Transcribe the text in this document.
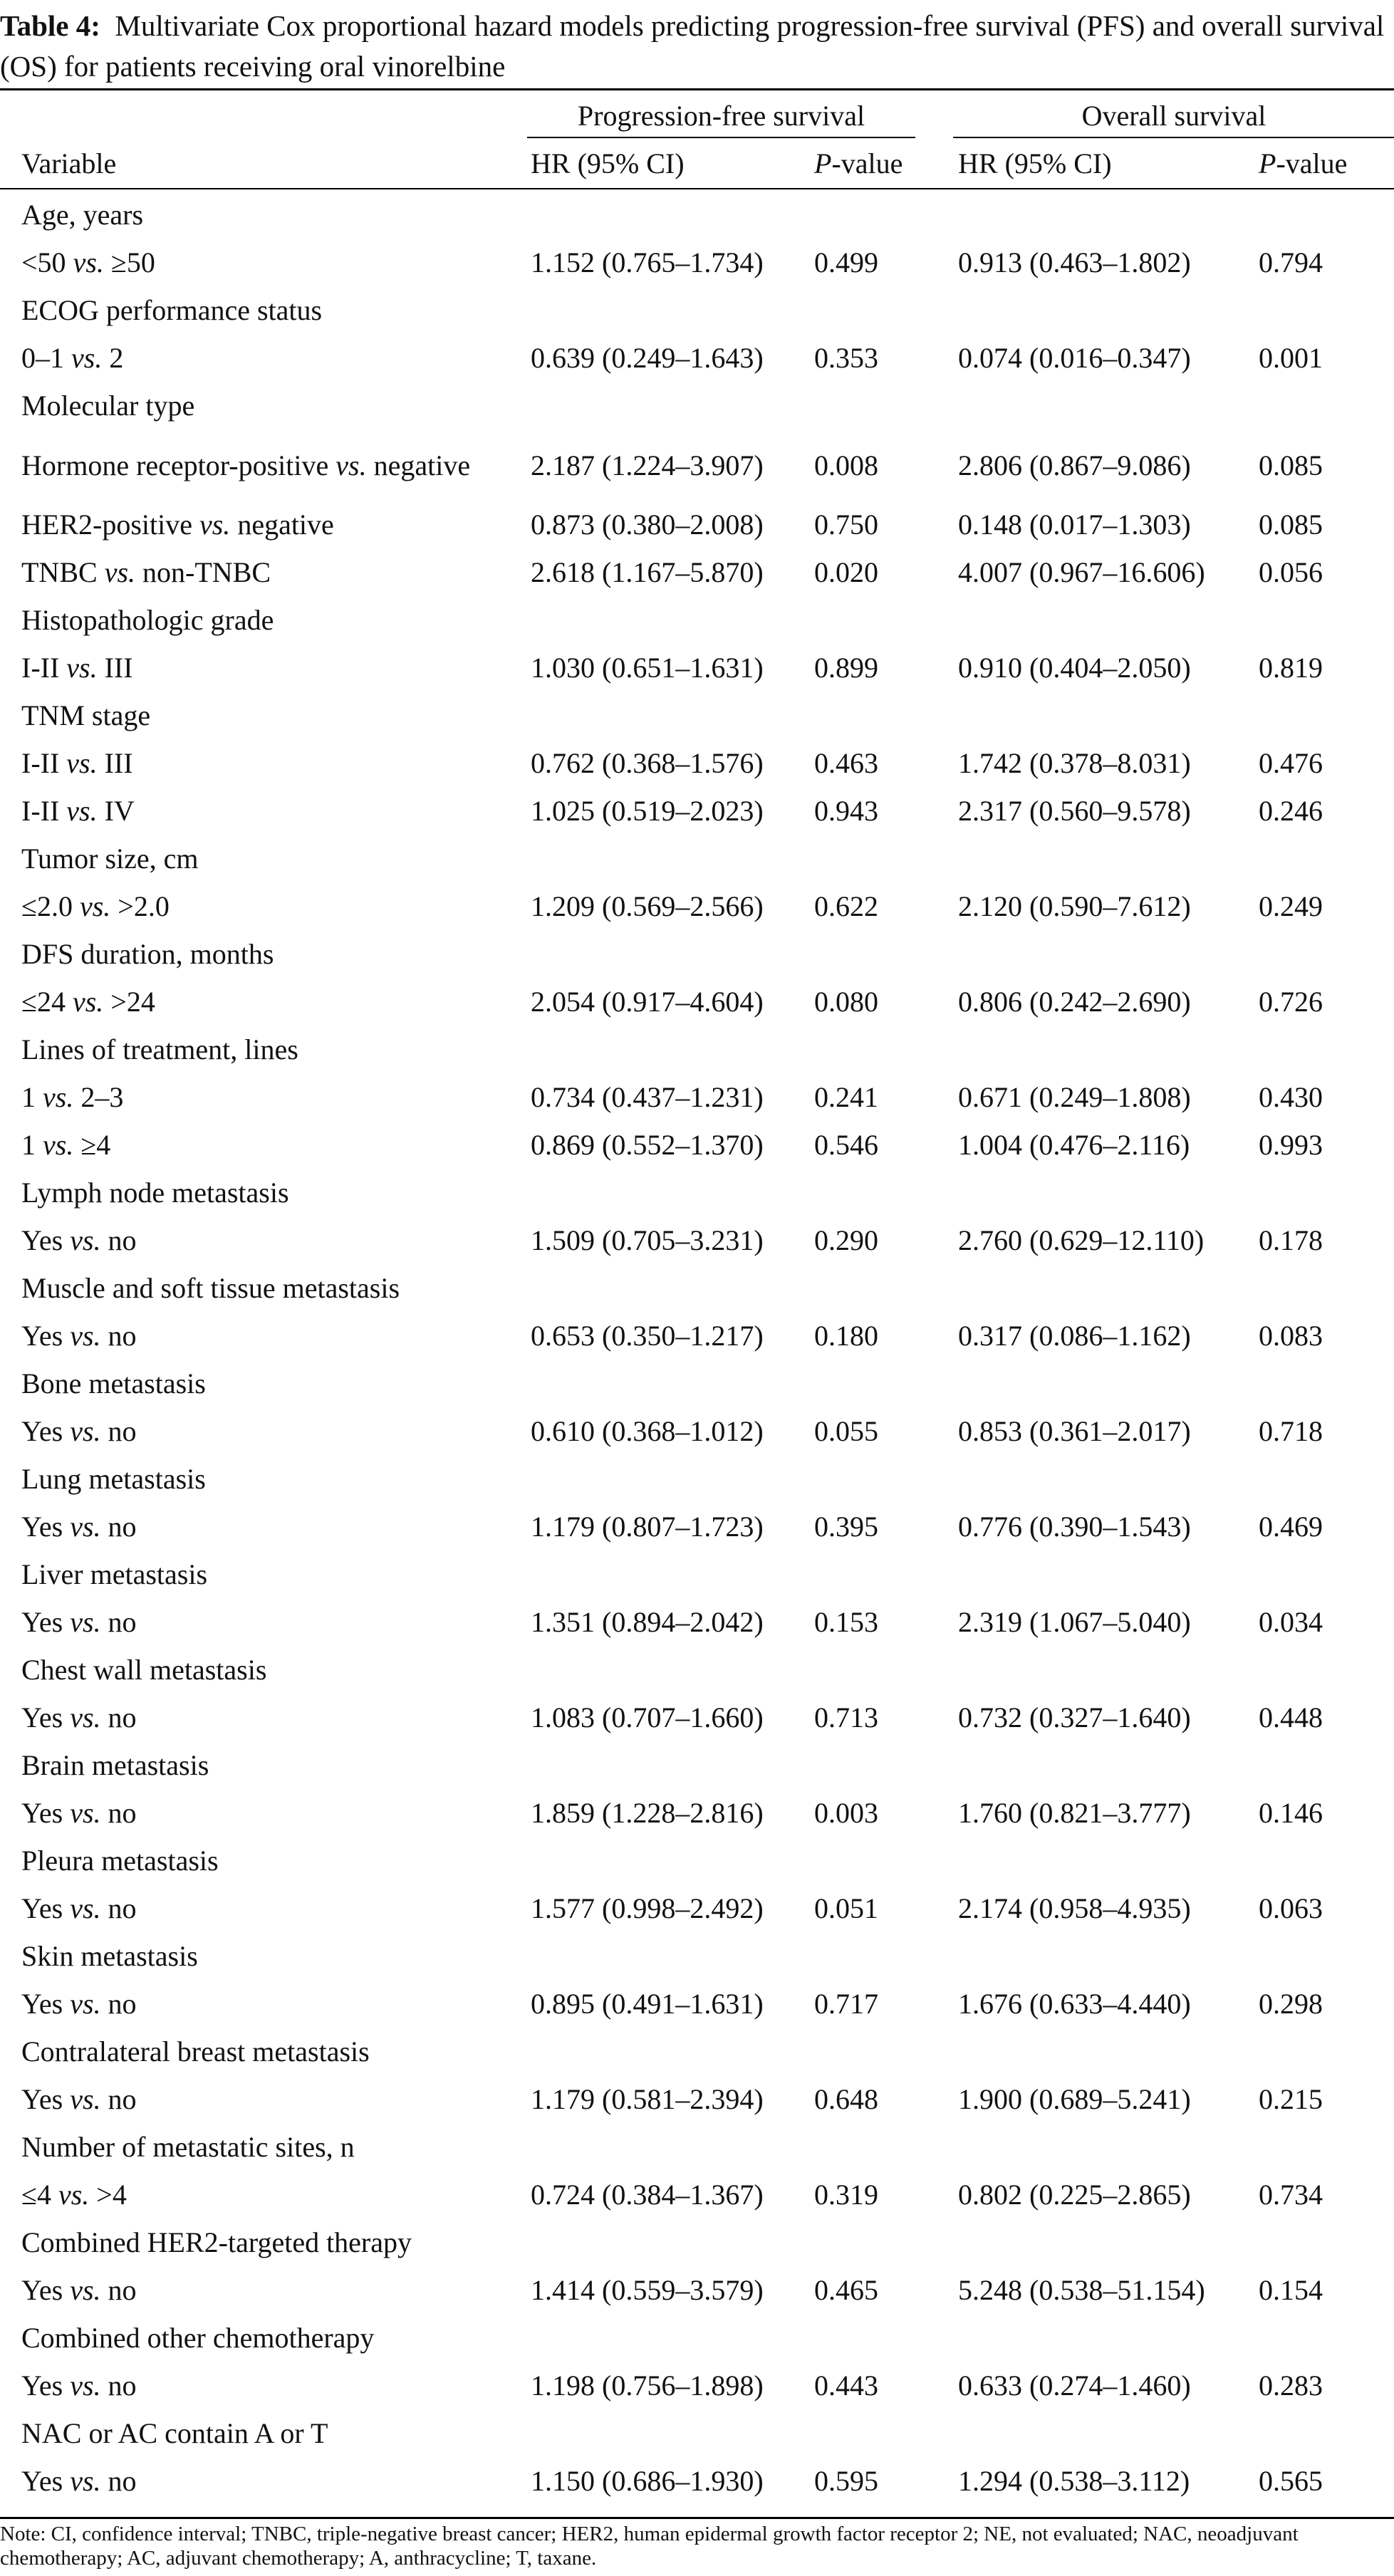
Table 4: Multivariate Cox proportional hazard models predicting progression-free survival (PFS) and overall survival (OS) for patients receiving oral vinorelbine
Progression-free survival	Overall survival
Variable	HR (95% CI)	P-value HR (95% CI)	P-value
Age, years				
<50 vs. ≥50	1.152 (0.765–1.734)	0.499	0.913 (0.463–1.802)	0.794
ECOG performance status				
0–1 vs. 2	0.639 (0.249–1.643)	0.353	0.074 (0.016–0.347)	0.001
Molecular type				
Hormone receptor-positive vs. negative	2.187 (1.224–3.907)	0.008	2.806 (0.867–9.086)	0.085
HER2-positive vs. negative	0.873 (0.380–2.008)	0.750	0.148 (0.017–1.303)	0.085
TNBC vs. non-TNBC	2.618 (1.167–5.870)	0.020	4.007 (0.967–16.606)	0.056
Histopathologic grade				
I-II vs. III	1.030 (0.651–1.631)	0.899	0.910 (0.404–2.050)	0.819
TNM stage				
I-II vs. III	0.762 (0.368–1.576)	0.463	1.742 (0.378–8.031)	0.476
I-II vs. IV	1.025 (0.519–2.023)	0.943	2.317 (0.560–9.578)	0.246
Tumor size, cm				
≤2.0 vs. >2.0	1.209 (0.569–2.566)	0.622	2.120 (0.590–7.612)	0.249
DFS duration, months				
≤24 vs. >24	2.054 (0.917–4.604)	0.080	0.806 (0.242–2.690)	0.726
Lines of treatment, lines				
1 vs. 2–3	0.734 (0.437–1.231)	0.241	0.671 (0.249–1.808)	0.430
1 vs. ≥4	0.869 (0.552–1.370)	0.546	1.004 (0.476–2.116)	0.993
Lymph node metastasis				
Yes vs. no	1.509 (0.705–3.231)	0.290	2.760 (0.629–12.110)	0.178
Muscle and soft tissue metastasis				
Yes vs. no	0.653 (0.350–1.217)	0.180	0.317 (0.086–1.162)	0.083
Bone metastasis				
Yes vs. no	0.610 (0.368–1.012)	0.055	0.853 (0.361–2.017)	0.718
Lung metastasis				
Yes vs. no	1.179 (0.807–1.723)	0.395	0.776 (0.390–1.543)	0.469
Liver metastasis				
Yes vs. no	1.351 (0.894–2.042)	0.153	2.319 (1.067–5.040)	0.034
Chest wall metastasis				
Yes vs. no	1.083 (0.707–1.660)	0.713	0.732 (0.327–1.640)	0.448
Brain metastasis				
Yes vs. no	1.859 (1.228–2.816)	0.003	1.760 (0.821–3.777)	0.146
Pleura metastasis				
Yes vs. no	1.577 (0.998–2.492)	0.051	2.174 (0.958–4.935)	0.063
Skin metastasis				
Yes vs. no	0.895 (0.491–1.631)	0.717	1.676 (0.633–4.440)	0.298
Contralateral breast metastasis				
Yes vs. no	1.179 (0.581–2.394)	0.648	1.900 (0.689–5.241)	0.215
Number of metastatic sites, n				
≤4 vs. >4	0.724 (0.384–1.367)	0.319	0.802 (0.225–2.865)	0.734
Combined HER2-targeted therapy				
Yes vs. no	1.414 (0.559–3.579)	0.465	5.248 (0.538–51.154)	0.154
Combined other chemotherapy				
Yes vs. no	1.198 (0.756–1.898)	0.443	0.633 (0.274–1.460)	0.283
NAC or AC contain A or T				
Yes vs. no	1.150 (0.686–1.930)	0.595	1.294 (0.538–3.112)	0.565
Note: CI, confidence interval; TNBC, triple-negative breast cancer; HER2, human epidermal growth factor receptor 2; NE, not evaluated; NAC, neoadjuvant chemotherapy; AC, adjuvant chemotherapy; A, anthracycline; T, taxane.
